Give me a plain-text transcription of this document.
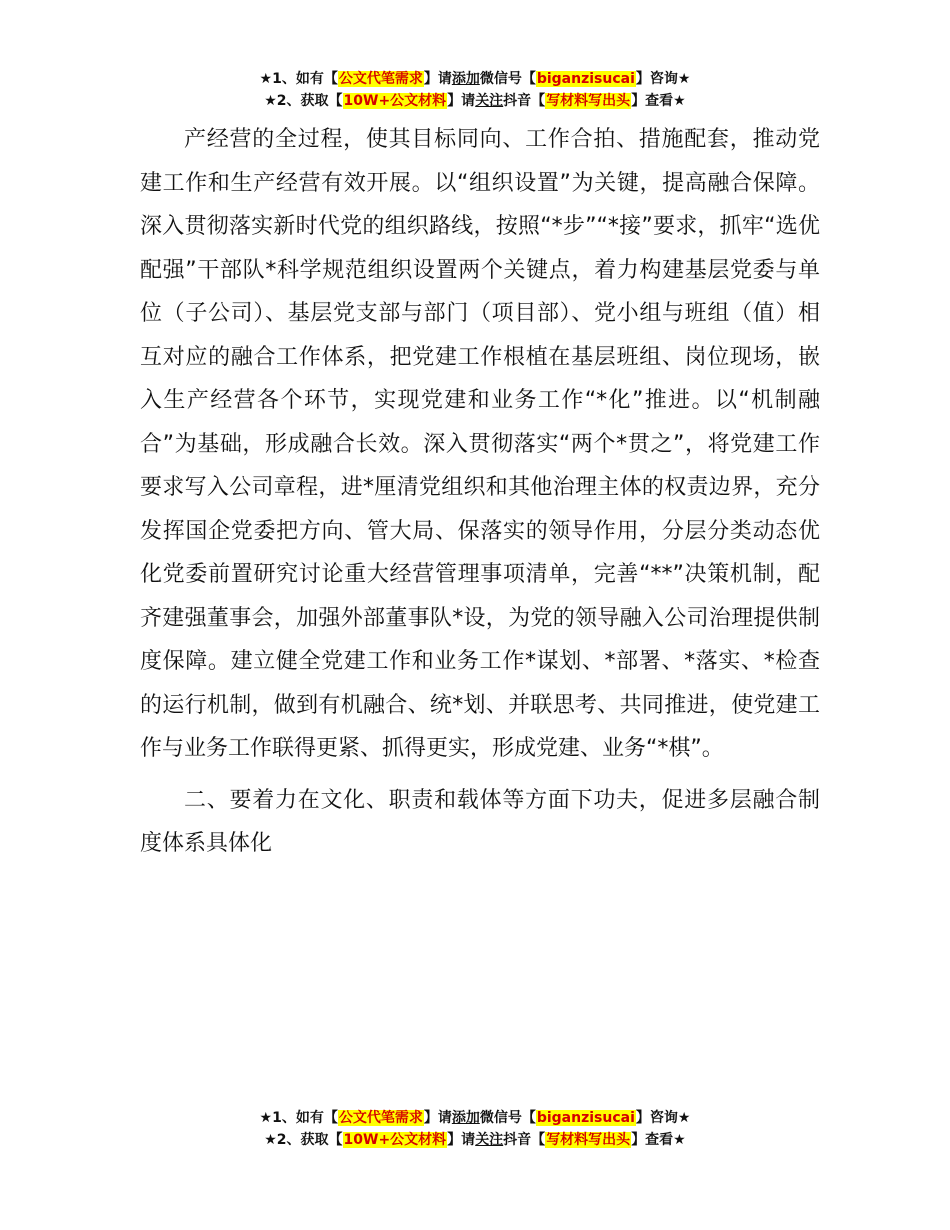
★1、如有【公文代笔需求】请添加微信号【biganzisucai】咨询★
★2、获取【10W+公文材料】请关注抖音【写材料写出头】查看★

产经营的全过程，使其目标同向、工作合拍、措施配套，推动党建工作和生产经营有效开展。以“组织设置”为关键，提高融合保障。深入贯彻落实新时代党的组织路线，按照“*步”“*接”要求，抓牢“选优配强”干部队*科学规范组织设置两个关键点，着力构建基层党委与单位（子公司）、基层党支部与部门（项目部）、党小组与班组（值）相互对应的融合工作体系，把党建工作根植在基层班组、岗位现场，嵌入生产经营各个环节，实现党建和业务工作“*化”推进。以“机制融合”为基础，形成融合长效。深入贯彻落实“两个*贯之”，将党建工作要求写入公司章程，进*厘清党组织和其他治理主体的权责边界，充分发挥国企党委把方向、管大局、保落实的领导作用，分层分类动态优化党委前置研究讨论重大经营管理事项清单，完善“**”决策机制，配齐建强董事会，加强外部董事队*设，为党的领导融入公司治理提供制度保障。建立健全党建工作和业务工作*谋划、*部署、*落实、*检查的运行机制，做到有机融合、统*划、并联思考、共同推进，使党建工作与业务工作联得更紧、抓得更实，形成党建、业务“*棋”。

二、要着力在文化、职责和载体等方面下功夫，促进多层融合制度体系具体化

★1、如有【公文代笔需求】请添加微信号【biganzisucai】咨询★
★2、获取【10W+公文材料】请关注抖音【写材料写出头】查看★
